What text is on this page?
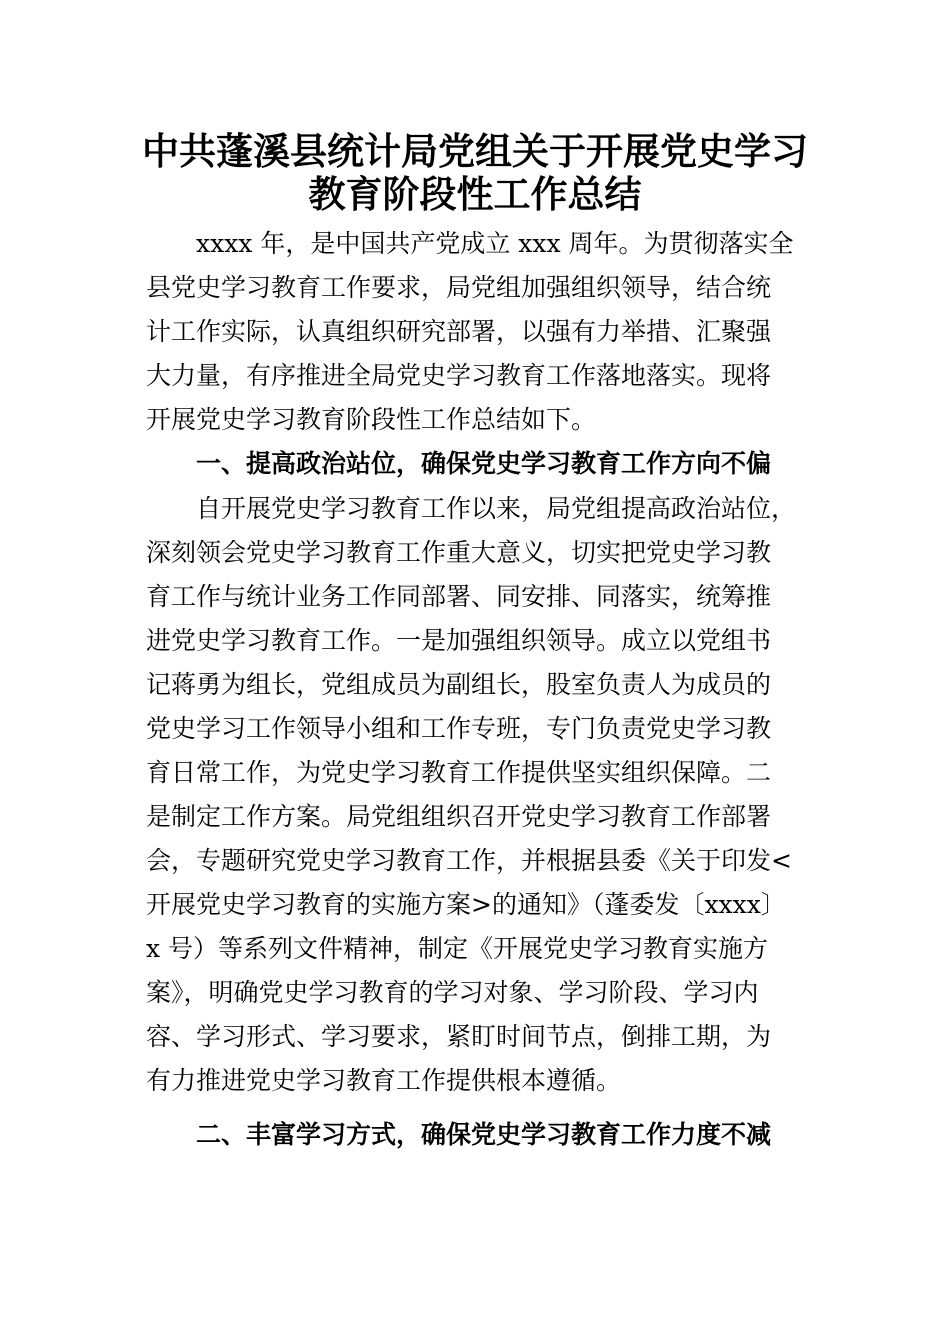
中共蓬溪县统计局党组关于开展党史学习
教育阶段性工作总结
xxxx 年，是中国共产党成立 xxx 周年。为贯彻落实全
县党史学习教育工作要求，局党组加强组织领导，结合统
计工作实际，认真组织研究部署，以强有力举措、汇聚强
大力量，有序推进全局党史学习教育工作落地落实。现将
开展党史学习教育阶段性工作总结如下。
一、提高政治站位，确保党史学习教育工作方向不偏
自开展党史学习教育工作以来，局党组提高政治站位，
深刻领会党史学习教育工作重大意义，切实把党史学习教
育工作与统计业务工作同部署、同安排、同落实，统筹推
进党史学习教育工作。一是加强组织领导。成立以党组书
记蒋勇为组长，党组成员为副组长，股室负责人为成员的
党史学习工作领导小组和工作专班，专门负责党史学习教
育日常工作，为党史学习教育工作提供坚实组织保障。二
是制定工作方案。局党组组织召开党史学习教育工作部署
会，专题研究党史学习教育工作，并根据县委《关于印发<
开展党史学习教育的实施方案>的通知》（蓬委发〔xxxx〕
x 号）等系列文件精神，制定《开展党史学习教育实施方
案》，明确党史学习教育的学习对象、学习阶段、学习内
容、学习形式、学习要求，紧盯时间节点，倒排工期，为
有力推进党史学习教育工作提供根本遵循。
二、丰富学习方式，确保党史学习教育工作力度不减
